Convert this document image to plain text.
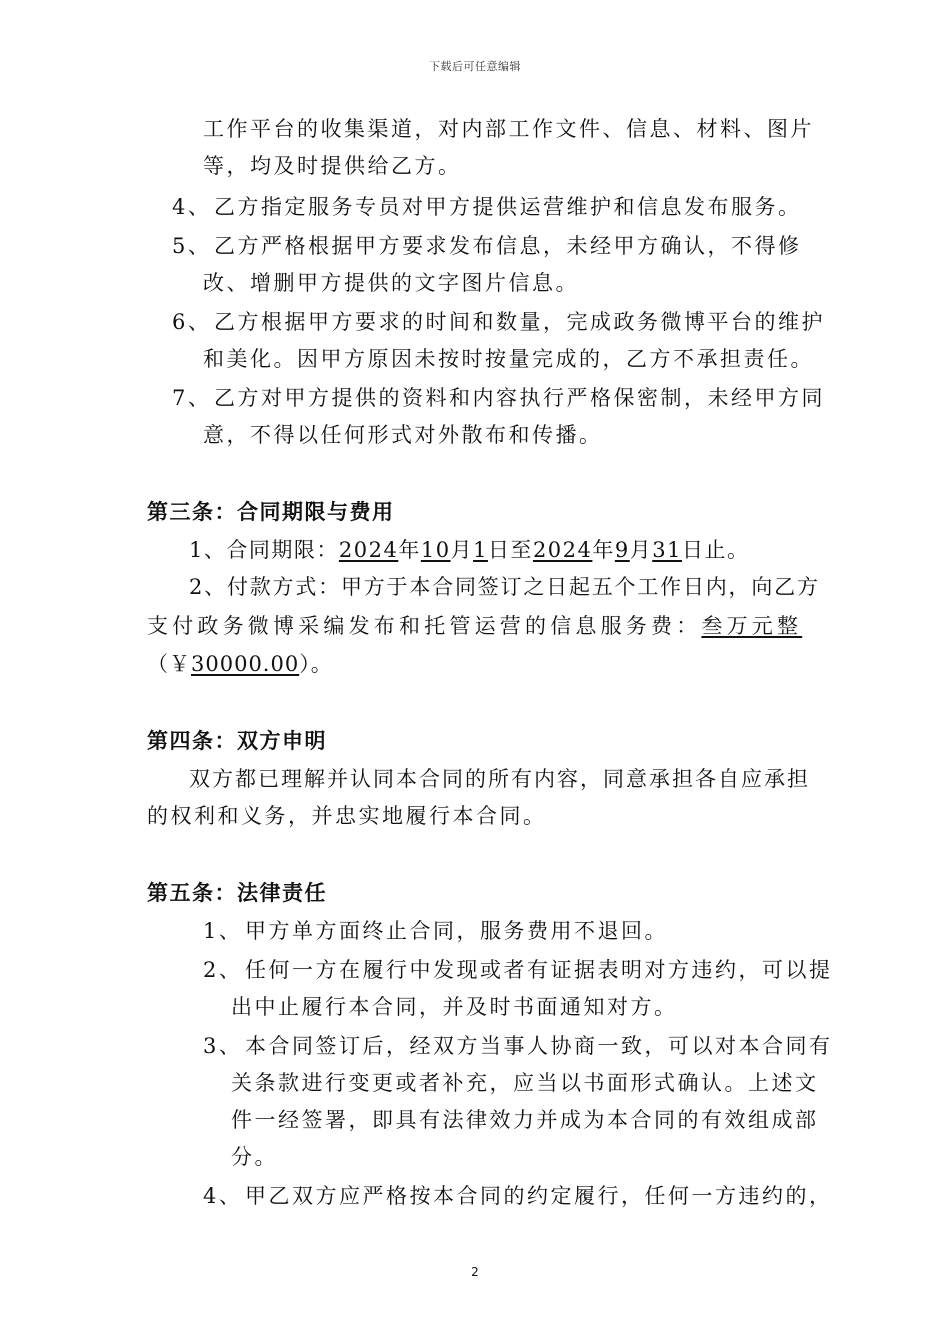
下载后可任意编辑
工作平台的收集渠道，对内部工作文件、信息、材料、图片
等，均及时提供给乙方。
4、 乙方指定服务专员对甲方提供运营维护和信息发布服务。
5、 乙方严格根据甲方要求发布信息，未经甲方确认，不得修
改、增删甲方提供的文字图片信息。
6、 乙方根据甲方要求的时间和数量，完成政务微博平台的维护
和美化。因甲方原因未按时按量完成的，乙方不承担责任。
7、 乙方对甲方提供的资料和内容执行严格保密制，未经甲方同
意，不得以任何形式对外散布和传播。
第三条：合同期限与费用
1、合同期限：2024年10月1日至2024年9月31日止。
2、付款方式：甲方于本合同签订之日起五个工作日内，向乙方
支付政务微博采编发布和托管运营的信息服务费：叁万元整
（￥30000.00）。
第四条：双方申明
双方都已理解并认同本合同的所有内容，同意承担各自应承担
的权利和义务，并忠实地履行本合同。
第五条：法律责任
1、 甲方单方面终止合同，服务费用不退回。
2、 任何一方在履行中发现或者有证据表明对方违约，可以提
出中止履行本合同，并及时书面通知对方。
3、 本合同签订后，经双方当事人协商一致，可以对本合同有
关条款进行变更或者补充，应当以书面形式确认。上述文
件一经签署，即具有法律效力并成为本合同的有效组成部
分。
4、 甲乙双方应严格按本合同的约定履行，任何一方违约的，
2
